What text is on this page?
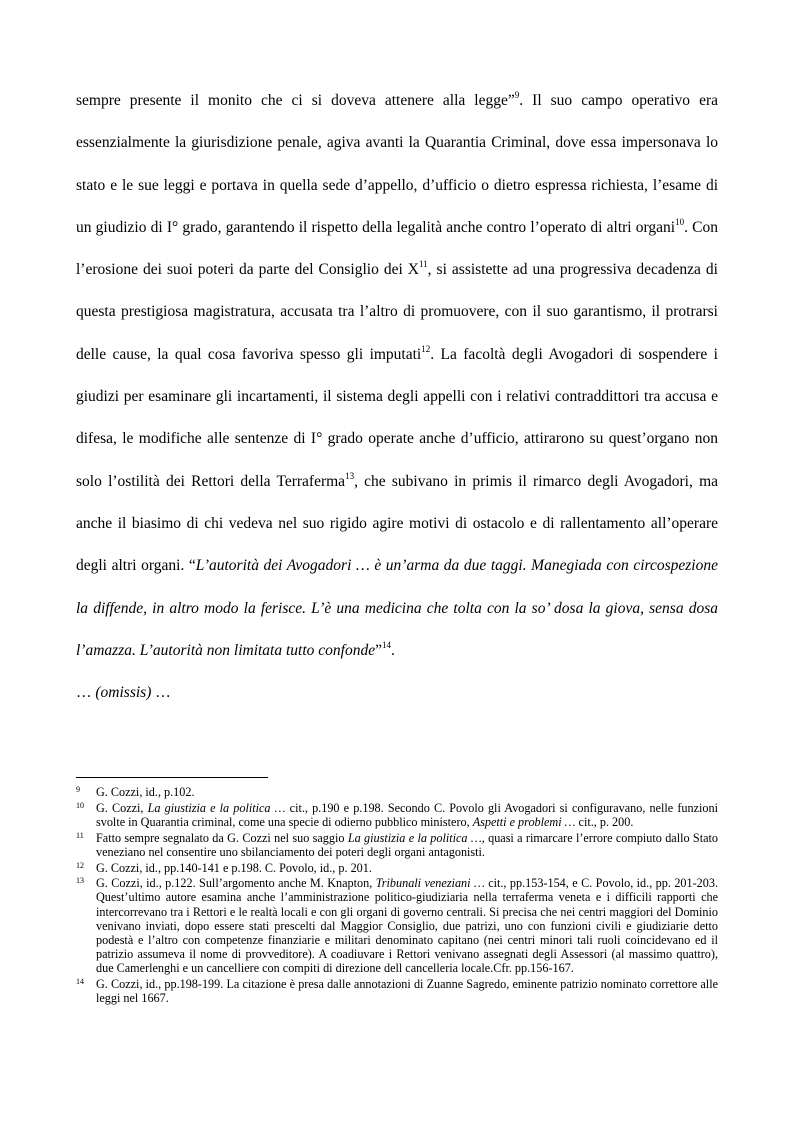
sempre presente il monito che ci si doveva attenere alla legge”$^9$. Il suo campo operativo era essenzialmente la giurisdizione penale, agiva avanti la Quarantia Criminal, dove essa impersonava lo stato e le sue leggi e portava in quella sede d’appello, d’ufficio o dietro espressa richiesta, l’esame di un giudizio di I° grado, garantendo il rispetto della legalità anche contro l’operato di altri organi$^{10}$. Con l’erosione dei suoi poteri da parte del Consiglio dei $X^{11}$, si assistette ad una progressiva decadenza di questa prestigiosa magistratura, accusata tra l’altro di promuovere, con il suo garantismo, il protrarsi delle cause, la qual cosa favoriva spesso gli imputati$^{12}$. La facoltà degli Avogadori di sospendere i giudizi per esaminare gli incartamenti, il sistema degli appelli con i relativi contraddittori tra accusa e difesa, le modifiche alle sentenze di I° grado operate anche d’ufficio, attirarono su quest’organo non solo l’ostilità dei Rettori della Terraferma$^{13}$, che subivano in primis il rimarco degli Avogadori, ma anche il biasimo di chi vedeva nel suo rigido agire motivi di ostacolo e di rallentamento all’operare degli altri organi. “L’autorità dei Avogadori … è un’arma da due taggi. Manegiada con circospezione la diffende, in altro modo la ferisce. L’è una medicina che tolta con la so’ dosa la giova, sensa dosa l’amazza. L’autorità non limitata tutto confonde”$^{14}$.

… (omissis) …

9	G. Cozzi, id., p.102.
10 G. Cozzi, La giustizia e la politica … cit., p.190 e p.198. Secondo C. Povolo gli Avogadori si configuravano, nelle funzioni svolte in Quarantia criminal, come una specie di odierno pubblico ministero, Aspetti e problemi … cit., p. 200.
11	Fatto sempre segnalato da G. Cozzi nel suo saggio La giustizia e la politica …, quasi a rimarcare l’errore compiuto dallo Stato veneziano nel consentire uno sbilanciamento dei poteri degli organi antagonisti.
12 G. Cozzi, id., pp.140-141 e p.198. C. Povolo, id., p. 201.
13 G. Cozzi, id., p.122. Sull’argomento anche M. Knapton, Tribunali veneziani … cit., pp.153-154, e C. Povolo, id., pp. 201-203. Quest’ultimo autore esamina anche l’amministrazione politico-giudiziaria nella terraferma veneta e i difficili rapporti che intercorrevano tra i Rettori e le realtà locali e con gli organi di governo centrali. Si precisa che nei centri maggiori del Dominio venivano inviati, dopo essere stati prescelti dal Maggior Consiglio, due patrizi, uno con funzioni civili e giudiziarie detto podestà e l’altro con competenze finanziarie e militari denominato capitano (nei centri minori tali ruoli coincidevano ed il patrizio assumeva il nome di provveditore). A coadiuvare i Rettori venivano assegnati degli Assessori (al massimo quattro), due Camerlenghi e un cancelliere con compiti di direzione dell cancelleria locale.Cfr. pp.156-167.
14 G. Cozzi, id., pp.198-199. La citazione è presa dalle annotazioni di Zuanne Sagredo, eminente patrizio nominato correttore alle leggi nel 1667.
